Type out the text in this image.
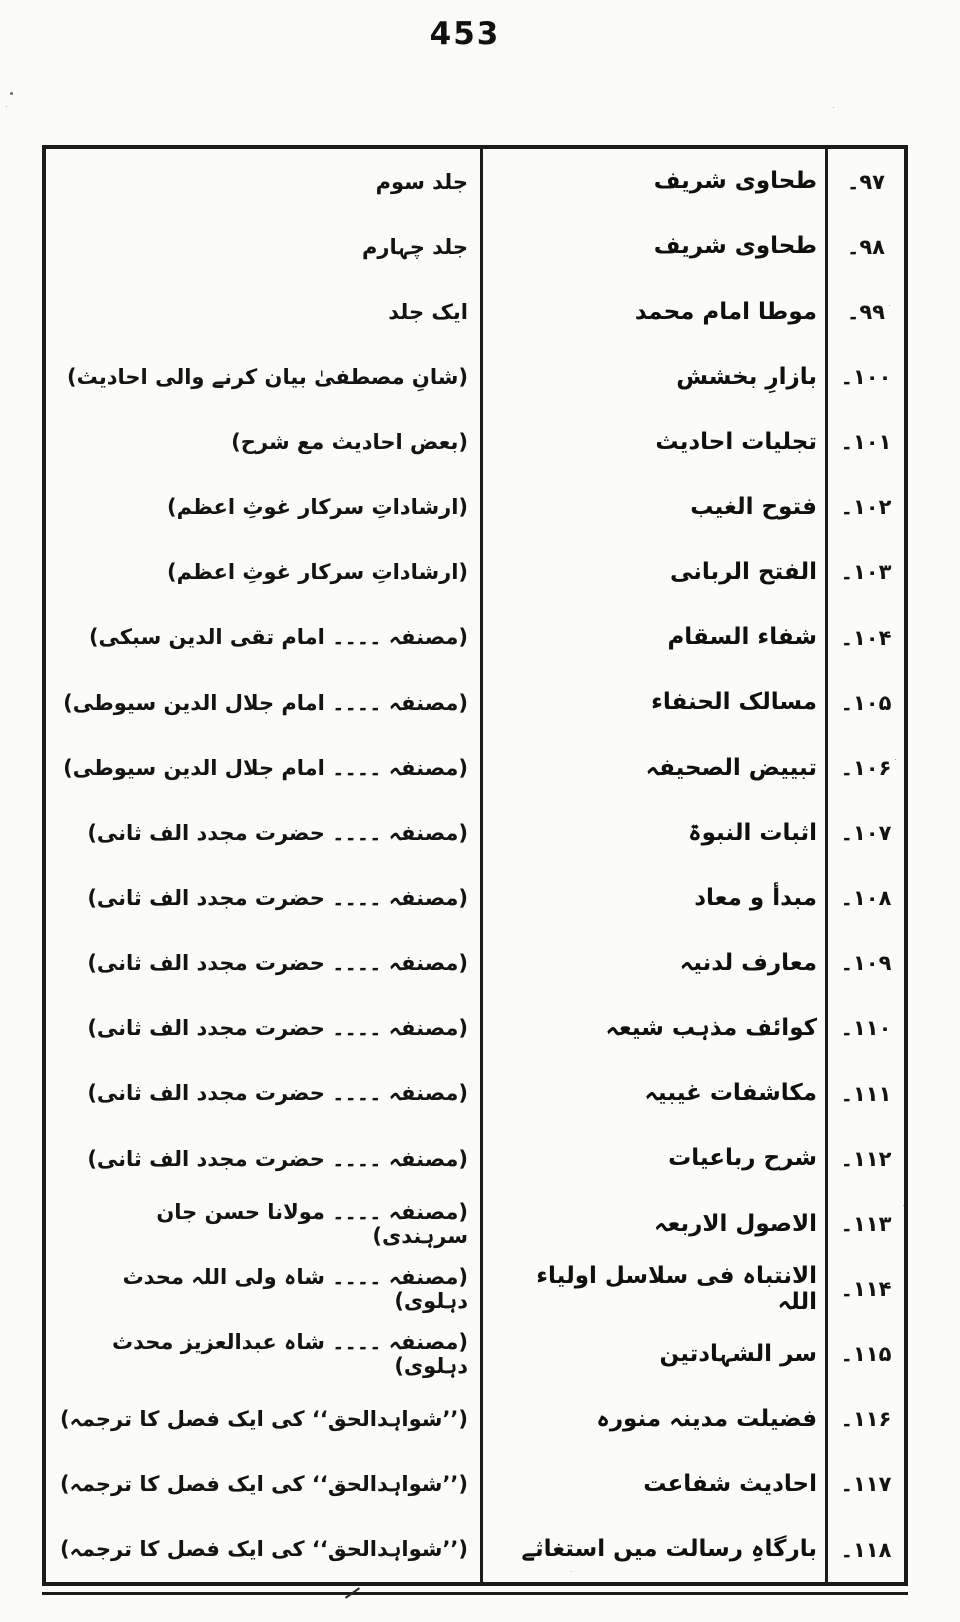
453
۹۷۔
طحاوی شریف
جلد سوم
۹۸۔
طحاوی شریف
جلد چہارم
۹۹۔
موطا امام محمد
ایک جلد
۱۰۰۔
بازارِ بخشش
(شانِ مصطفیٰ بیان کرنے والی احادیث)
۱۰۱۔
تجلیات احادیث
(بعض احادیث مع شرح)
۱۰۲۔
فتوح الغیب
(ارشاداتِ سرکار غوثِ اعظم)
۱۰۳۔
الفتح الربانی
(ارشاداتِ سرکار غوثِ اعظم)
۱۰۴۔
شفاء السقام
(مصنفہ ۔۔۔۔ امام تقی الدین سبکی)
۱۰۵۔
مسالک الحنفاء
(مصنفہ ۔۔۔۔ امام جلال الدین سیوطی)
۱۰۶۔
تبییض الصحیفہ
(مصنفہ ۔۔۔۔ امام جلال الدین سیوطی)
۱۰۷۔
اثبات النبوۃ
(مصنفہ ۔۔۔۔ حضرت مجدد الف ثانی)
۱۰۸۔
مبدأ و معاد
(مصنفہ ۔۔۔۔ حضرت مجدد الف ثانی)
۱۰۹۔
معارف لدنیہ
(مصنفہ ۔۔۔۔ حضرت مجدد الف ثانی)
۱۱۰۔
کوائف مذہب شیعہ
(مصنفہ ۔۔۔۔ حضرت مجدد الف ثانی)
۱۱۱۔
مکاشفات غیبیہ
(مصنفہ ۔۔۔۔ حضرت مجدد الف ثانی)
۱۱۲۔
شرح رباعیات
(مصنفہ ۔۔۔۔ حضرت مجدد الف ثانی)
۱۱۳۔
الاصول الاربعہ
(مصنفہ ۔۔۔۔ مولانا حسن جان سرہندی)
۱۱۴۔
الانتباہ فی سلاسل اولیاء اللہ
(مصنفہ ۔۔۔۔ شاہ ولی اللہ محدث دہلوی)
۱۱۵۔
سر الشہادتین
(مصنفہ ۔۔۔۔ شاہ عبدالعزیز محدث دہلوی)
۱۱۶۔
فضیلت مدینہ منورہ
(’’شواہدالحق‘‘ کی ایک فصل کا ترجمہ)
۱۱۷۔
احادیث شفاعت
(’’شواہدالحق‘‘ کی ایک فصل کا ترجمہ)
۱۱۸۔
بارگاہِ رسالت میں استغاثے
(’’شواہدالحق‘‘ کی ایک فصل کا ترجمہ)
